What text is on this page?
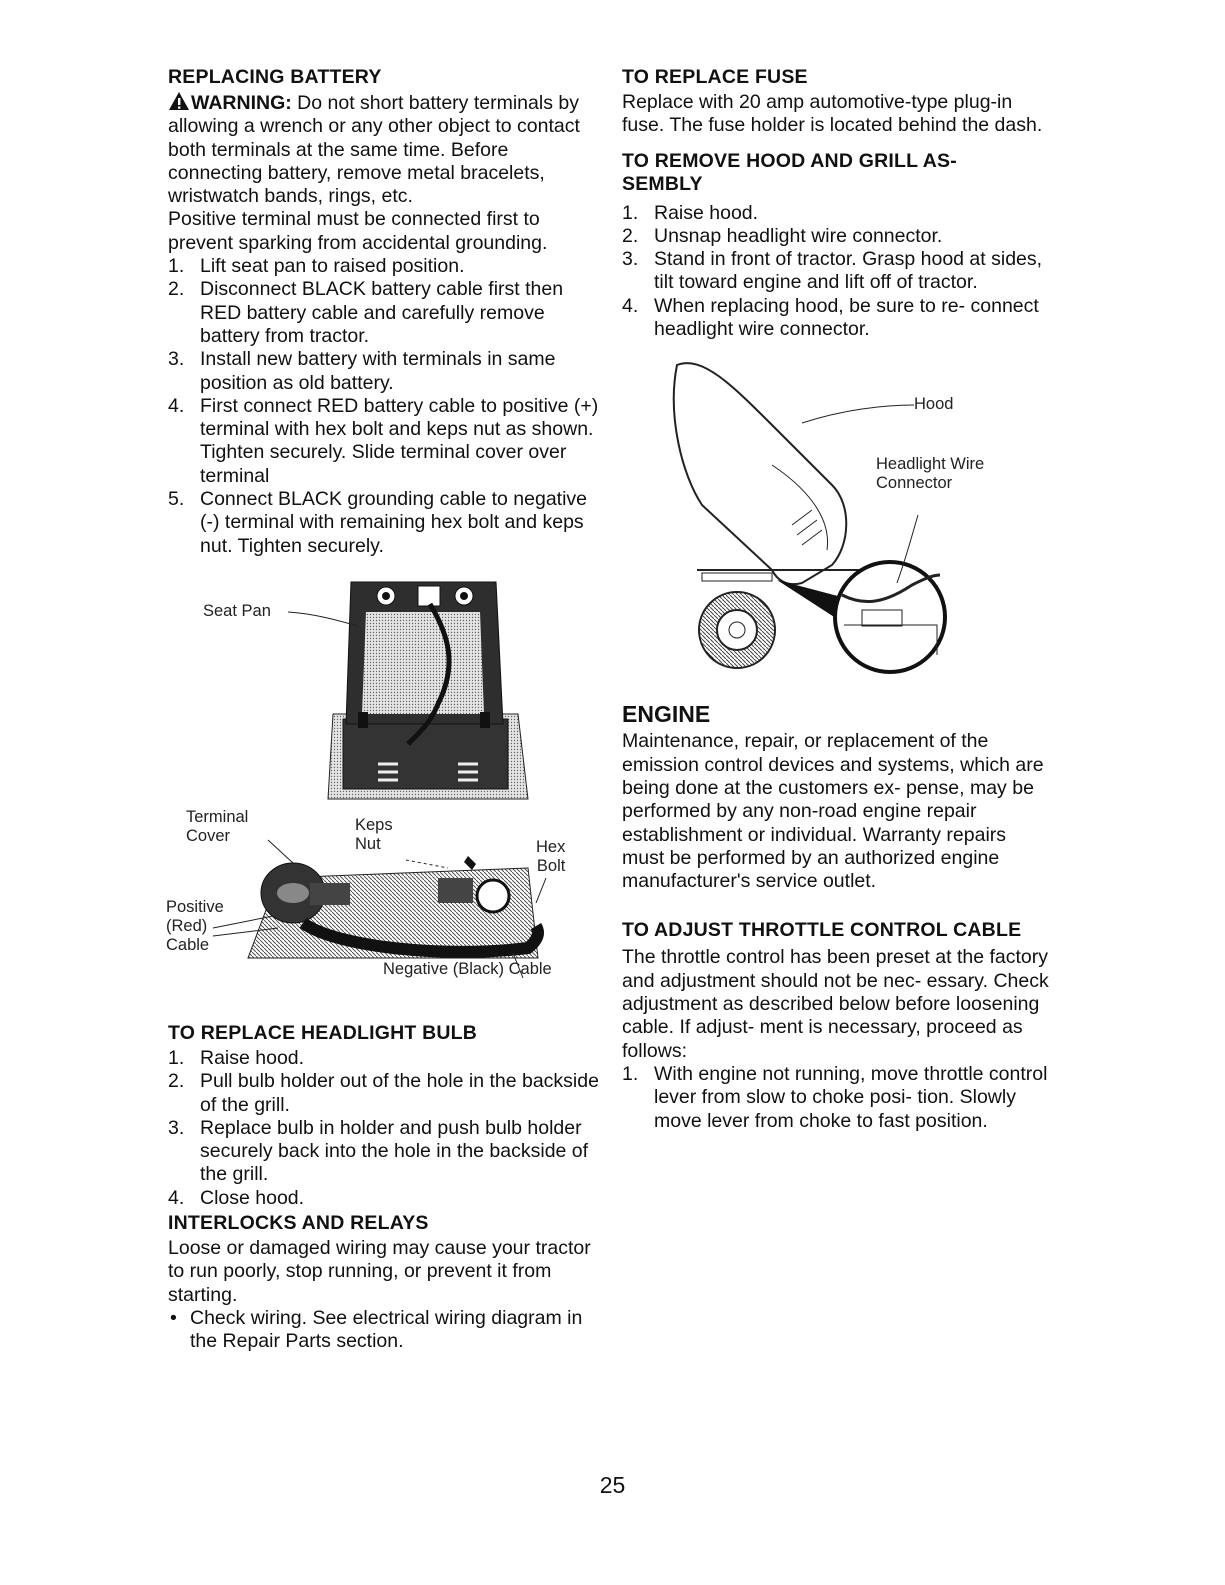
REPLACING BATTERY

WARNING: Do not short battery terminals by allowing a wrench or any other object to contact both terminals at the same time. Before connecting battery, remove metal bracelets, wristwatch bands, rings, etc.

Positive terminal must be connected first to prevent sparking from accidental grounding.

1. Lift seat pan to raised position.
2. Disconnect BLACK battery cable first then RED battery cable and carefully remove battery from tractor.
3. Install new battery with terminals in same position as old battery.
4. First connect RED battery cable to positive (+) terminal with hex bolt and keps nut as shown. Tighten securely. Slide terminal cover over terminal
5. Connect BLACK grounding cable to negative (-) terminal with remaining hex bolt and keps nut. Tighten securely.
Seat Pan
Terminal
Cover
Keps
Nut	Hex
Bolt
Positive
(Red)
Cable
Negative (Black) Cable
TO REPLACE HEADLIGHT BULB
1. Raise hood.
2. Pull bulb holder out of the hole in the backside of the grill.
3. Replace bulb in holder and push bulb holder securely back into the hole in the backside of the grill.
4. Close hood.
INTERLOCKS AND RELAYS

Loose or damaged wiring may cause your tractor to run poorly, stop running, or prevent it from starting.

• Check wiring. See electrical wiring diagram in the Repair Parts section.
TO REPLACE FUSE

Replace with 20 amp automotive-type plug-in fuse. The fuse holder is located behind the dash.

TO REMOVE HOOD AND GRILL AS- SEMBLY
1. Raise hood.
2. Unsnap headlight wire connector.
3. Stand in front of tractor. Grasp hood at sides, tilt toward engine and lift off of tractor.
4. When replacing hood, be sure to re- connect headlight wire connector.
Hood
Headlight Wire
Connector
ENGINE

Maintenance, repair, or replacement of the emission control devices and systems, which are being done at the customers ex- pense, may be performed by any non-road engine repair establishment or individual. Warranty repairs must be performed by an authorized engine manufacturer's service outlet.

TO ADJUST THROTTLE CONTROL CABLE

The throttle control has been preset at the factory and adjustment should not be nec- essary. Check adjustment as described below before loosening cable. If adjust- ment is necessary, proceed as follows:

1. With engine not running, move throttle control lever from slow to choke posi- tion. Slowly move lever from choke to fast position.
25
